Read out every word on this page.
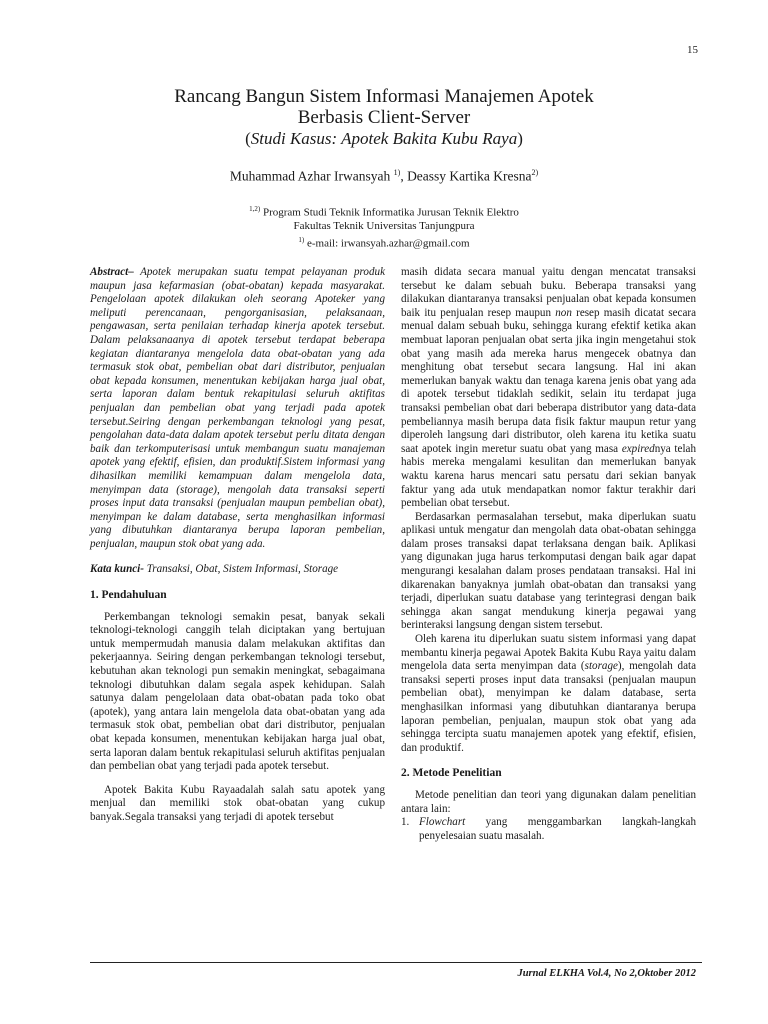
15
Rancang Bangun Sistem Informasi Manajemen Apotek
Berbasis Client-Server
(Studi Kasus: Apotek Bakita Kubu Raya)
Muhammad Azhar Irwansyah $^{1)}$, Deassy Kartika Kresna$^{2)}$
$^{1,2)}$ Program Studi Teknik Informatika Jurusan Teknik Elektro
Fakultas Teknik Universitas Tanjungpura
$^{1)}$ e-mail: irwansyah.azhar@gmail.com

Abstract– Apotek merupakan suatu tempat pelayanan produk maupun jasa kefarmasian (obat-obatan) kepada masyarakat. Pengelolaan apotek dilakukan oleh seorang Apoteker yang meliputi perencanaan, pengorganisasian, pelaksanaan, pengawasan, serta penilaian terhadap kinerja apotek tersebut. Dalam pelaksanaanya di apotek tersebut terdapat beberapa kegiatan diantaranya mengelola data obat-obatan yang ada termasuk stok obat, pembelian obat dari distributor, penjualan obat kepada konsumen, menentukan kebijakan harga jual obat, serta laporan dalam bentuk rekapitulasi seluruh aktifitas penjualan dan pembelian obat yang terjadi pada apotek tersebut.Seiring dengan perkembangan teknologi yang pesat, pengolahan data-data dalam apotek tersebut perlu ditata dengan baik dan terkomputerisasi untuk membangun suatu manajeman apotek yang efektif, efisien, dan produktif.Sistem informasi yang dihasilkan memiliki kemampuan dalam mengelola data, menyimpan data (storage), mengolah data transaksi seperti proses input data transaksi (penjualan maupun pembelian obat), menyimpan ke dalam database, serta menghasilkan informasi yang dibutuhkan diantaranya berupa laporan pembelian, penjualan, maupun stok obat yang ada.

Kata kunci- Transaksi, Obat, Sistem Informasi, Storage

1. Pendahuluan

Perkembangan teknologi semakin pesat, banyak sekali teknologi-teknologi canggih telah diciptakan yang bertujuan untuk mempermudah manusia dalam melakukan aktifitas dan pekerjaannya. Seiring dengan perkembangan teknologi tersebut, kebutuhan akan teknologi pun semakin meningkat, sebagaimana teknologi dibutuhkan dalam segala aspek kehidupan. Salah satunya dalam pengelolaan data obat-obatan pada toko obat (apotek), yang antara lain mengelola data obat-obatan yang ada termasuk stok obat, pembelian obat dari distributor, penjualan obat kepada konsumen, menentukan kebijakan harga jual obat, serta laporan dalam bentuk rekapitulasi seluruh aktifitas penjualan dan pembelian obat yang terjadi pada apotek tersebut.

Apotek Bakita Kubu Rayaadalah salah satu apotek yang menjual dan memiliki stok obat-obatan yang cukup banyak.Segala transaksi yang terjadi di apotek tersebut

masih didata secara manual yaitu dengan mencatat transaksi tersebut ke dalam sebuah buku. Beberapa transaksi yang dilakukan diantaranya transaksi penjualan obat kepada konsumen baik itu penjualan resep maupun non resep masih dicatat secara menual dalam sebuah buku, sehingga kurang efektif ketika akan membuat laporan penjualan obat serta jika ingin mengetahui stok obat yang masih ada mereka harus mengecek obatnya dan menghitung obat tersebut secara langsung. Hal ini akan memerlukan banyak waktu dan tenaga karena jenis obat yang ada di apotek tersebut tidaklah sedikit, selain itu terdapat juga transaksi pembelian obat dari beberapa distributor yang data-data pembeliannya masih berupa data fisik faktur maupun retur yang diperoleh langsung dari distributor, oleh karena itu ketika suatu saat apotek ingin meretur suatu obat yang masa expirednya telah habis mereka mengalami kesulitan dan memerlukan banyak waktu karena harus mencari satu persatu dari sekian banyak faktur yang ada utuk mendapatkan nomor faktur terakhir dari pembelian obat tersebut.

Berdasarkan permasalahan tersebut, maka diperlukan suatu aplikasi untuk mengatur dan mengolah data obat-obatan sehingga dalam proses transaksi dapat terlaksana dengan baik. Aplikasi yang digunakan juga harus terkomputasi dengan baik agar dapat mengurangi kesalahan dalam proses pendataan transaksi. Hal ini dikarenakan banyaknya jumlah obat-obatan dan transaksi yang terjadi, diperlukan suatu database yang terintegrasi dengan baik sehingga akan sangat mendukung kinerja pegawai yang berinteraksi langsung dengan sistem tersebut.

Oleh karena itu diperlukan suatu sistem informasi yang dapat membantu kinerja pegawai Apotek Bakita Kubu Raya yaitu dalam mengelola data serta menyimpan data (storage), mengolah data transaksi seperti proses input data transaksi (penjualan maupun pembelian obat), menyimpan ke dalam database, serta menghasilkan informasi yang dibutuhkan diantaranya berupa laporan pembelian, penjualan, maupun stok obat yang ada sehingga tercipta suatu manajemen apotek yang efektif, efisien, dan produktif.

2. Metode Penelitian

Metode penelitian dan teori yang digunakan dalam penelitian antara lain:

1. Flowchart yang menggambarkan langkah-langkah penyelesaian suatu masalah.
Jurnal ELKHA Vol.4, No 2,Oktober 2012
